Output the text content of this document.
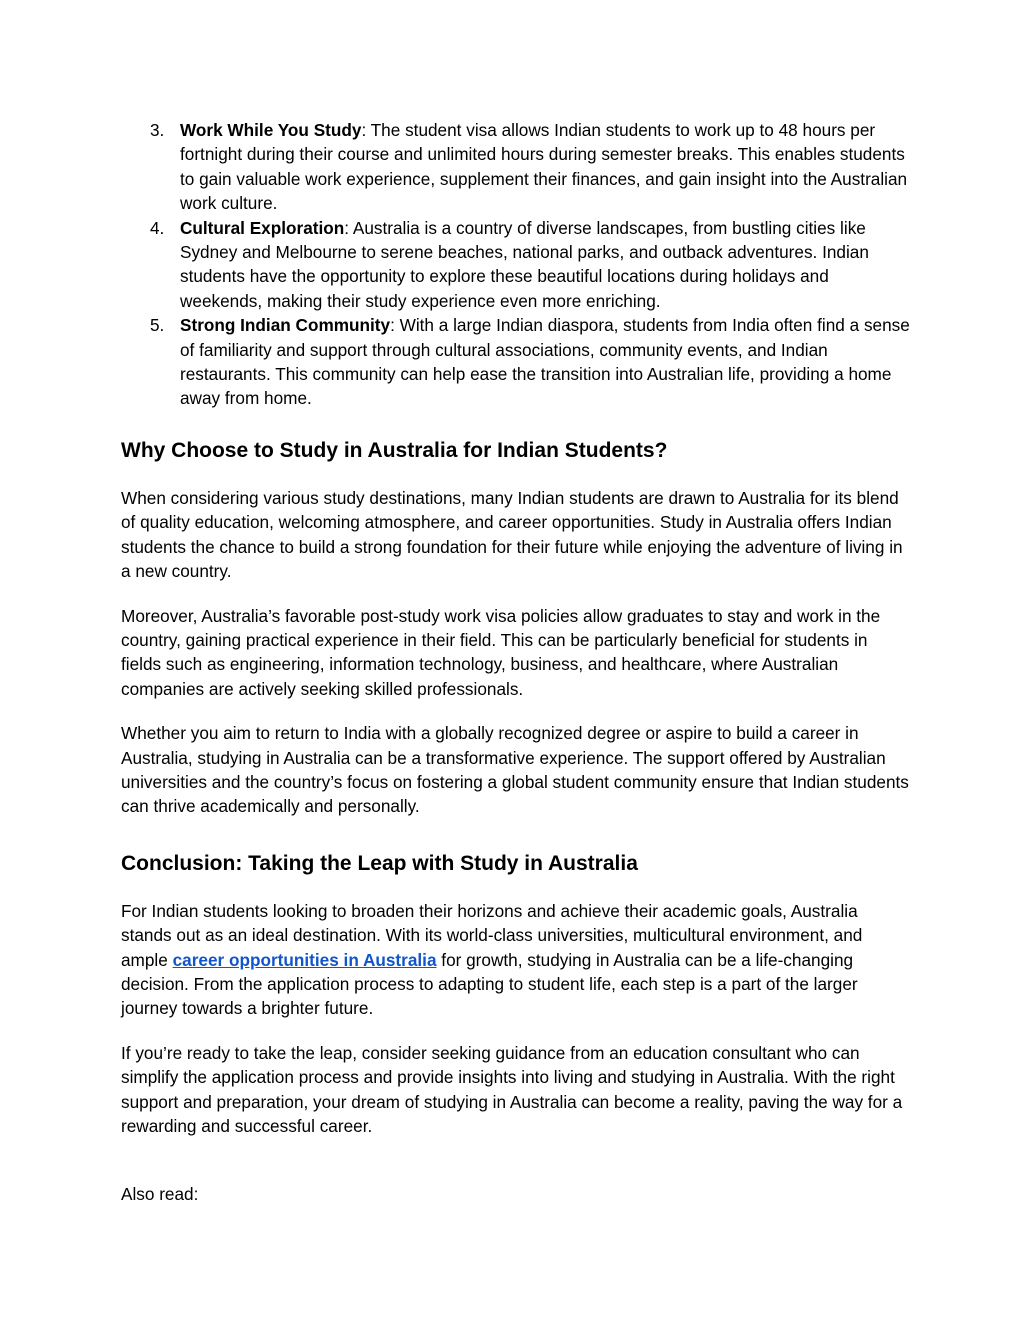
3. Work While You Study: The student visa allows Indian students to work up to 48 hours per fortnight during their course and unlimited hours during semester breaks. This enables students to gain valuable work experience, supplement their finances, and gain insight into the Australian work culture.
4. Cultural Exploration: Australia is a country of diverse landscapes, from bustling cities like Sydney and Melbourne to serene beaches, national parks, and outback adventures. Indian students have the opportunity to explore these beautiful locations during holidays and weekends, making their study experience even more enriching.
5. Strong Indian Community: With a large Indian diaspora, students from India often find a sense of familiarity and support through cultural associations, community events, and Indian restaurants. This community can help ease the transition into Australian life, providing a home away from home.
Why Choose to Study in Australia for Indian Students?

When considering various study destinations, many Indian students are drawn to Australia for its blend of quality education, welcoming atmosphere, and career opportunities. Study in Australia offers Indian students the chance to build a strong foundation for their future while enjoying the adventure of living in a new country.

Moreover, Australia’s favorable post-study work visa policies allow graduates to stay and work in the country, gaining practical experience in their field. This can be particularly beneficial for students in fields such as engineering, information technology, business, and healthcare, where Australian companies are actively seeking skilled professionals.

Whether you aim to return to India with a globally recognized degree or aspire to build a career in Australia, studying in Australia can be a transformative experience. The support offered by Australian universities and the country’s focus on fostering a global student community ensure that Indian students can thrive academically and personally.

Conclusion: Taking the Leap with Study in Australia

For Indian students looking to broaden their horizons and achieve their academic goals, Australia stands out as an ideal destination. With its world-class universities, multicultural environment, and ample career opportunities in Australia for growth, studying in Australia can be a life-changing decision. From the application process to adapting to student life, each step is a part of the larger journey towards a brighter future.

If you’re ready to take the leap, consider seeking guidance from an education consultant who can simplify the application process and provide insights into living and studying in Australia. With the right support and preparation, your dream of studying in Australia can become a reality, paving the way for a rewarding and successful career.

Also read:
